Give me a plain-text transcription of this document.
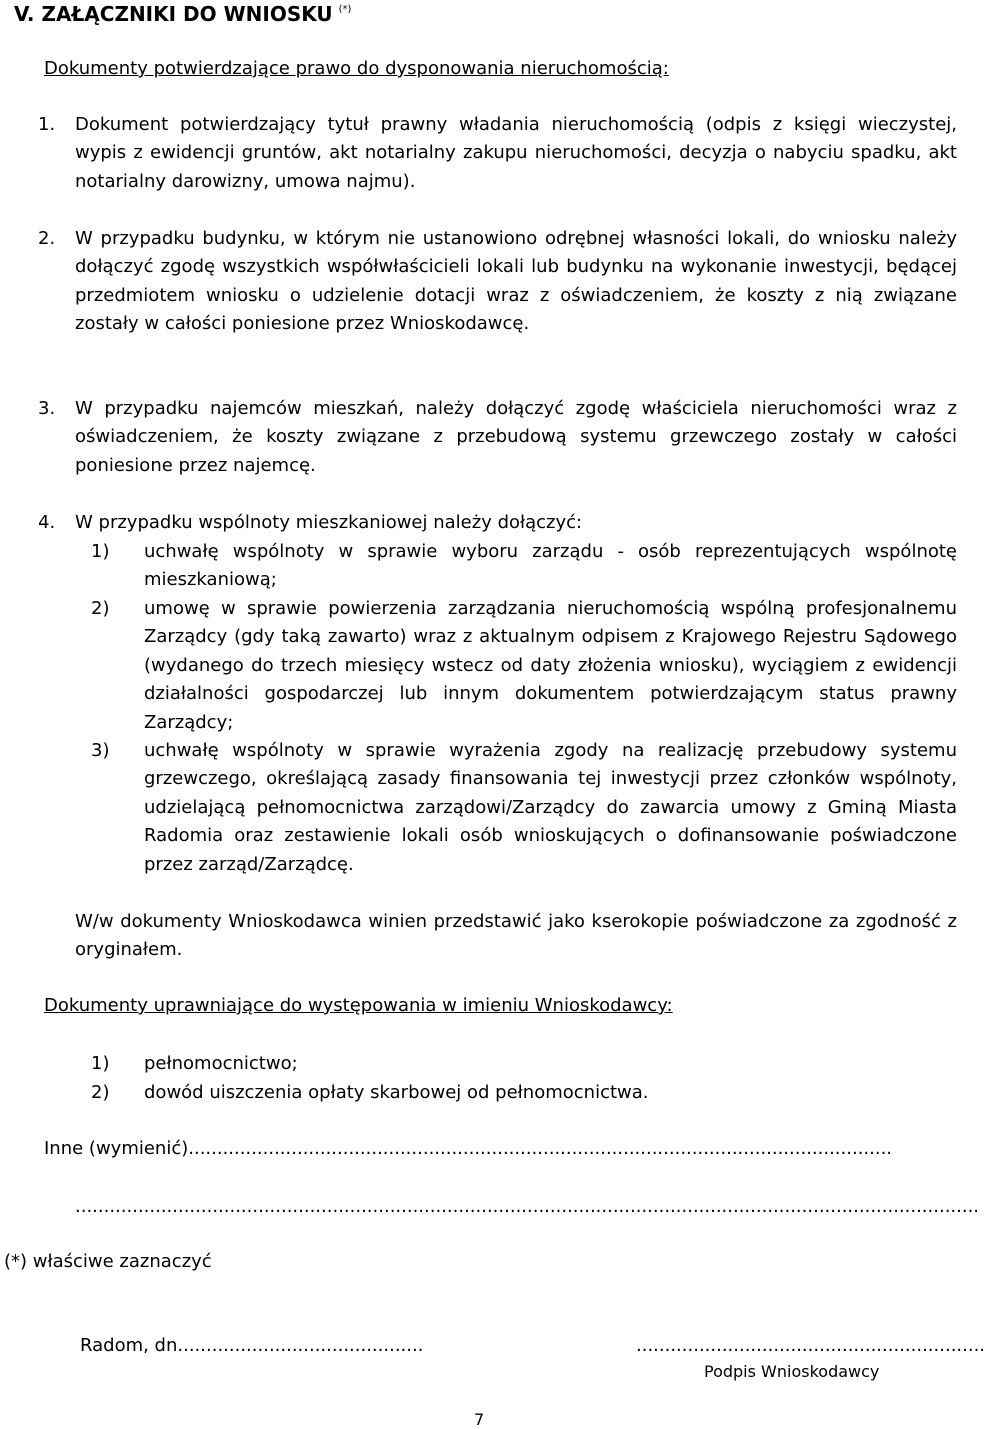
V. ZAŁĄCZNIKI DO WNIOSKU (*)
Dokumenty potwierdzające prawo do dysponowania nieruchomością:
1. Dokument potwierdzający tytuł prawny władania nieruchomością (odpis z księgi wieczystej, wypis z ewidencji gruntów, akt notarialny zakupu nieruchomości, decyzja o nabyciu spadku, akt notarialny darowizny, umowa najmu).
2. W przypadku budynku, w którym nie ustanowiono odrębnej własności lokali, do wniosku należy dołączyć zgodę wszystkich współwłaścicieli lokali lub budynku na wykonanie inwestycji, będącej przedmiotem wniosku o udzielenie dotacji wraz z oświadczeniem, że koszty z nią związane zostały w całości poniesione przez Wnioskodawcę.
3. W przypadku najemców mieszkań, należy dołączyć zgodę właściciela nieruchomości wraz z oświadczeniem, że koszty związane z przebudową systemu grzewczego zostały w całości poniesione przez najemcę.
4. W przypadku wspólnoty mieszkaniowej należy dołączyć:
1) uchwałę wspólnoty w sprawie wyboru zarządu - osób reprezentujących wspólnotę mieszkaniową;
2) umowę w sprawie powierzenia zarządzania nieruchomością wspólną profesjonalnemu Zarządcy (gdy taką zawarto) wraz z aktualnym odpisem z Krajowego Rejestru Sądowego (wydanego do trzech miesięcy wstecz od daty złożenia wniosku), wyciągiem z ewidencji działalności gospodarczej lub innym dokumentem potwierdzającym status prawny Zarządcy;
3) uchwałę wspólnoty w sprawie wyrażenia zgody na realizację przebudowy systemu grzewczego, określającą zasady finansowania tej inwestycji przez członków wspólnoty, udzielającą pełnomocnictwa zarządowi/Zarządcy do zawarcia umowy z Gminą Miasta Radomia oraz zestawienie lokali osób wnioskujących o dofinansowanie poświadczone przez zarząd/Zarządcę.
W/w dokumenty Wnioskodawca winien przedstawić jako kserokopie poświadczone za zgodność z oryginałem.
Dokumenty uprawniające do występowania w imieniu Wnioskodawcy:
1) pełnomocnictwo;
2) dowód uiszczenia opłaty skarbowej od pełnomocnictwa.
Inne (wymienić)...........................................................................................................................
..............................................................................................................................................................
(*) właściwe zaznaczyć
Radom, dn...........................................	.............................................................
Podpis Wnioskodawcy
7
